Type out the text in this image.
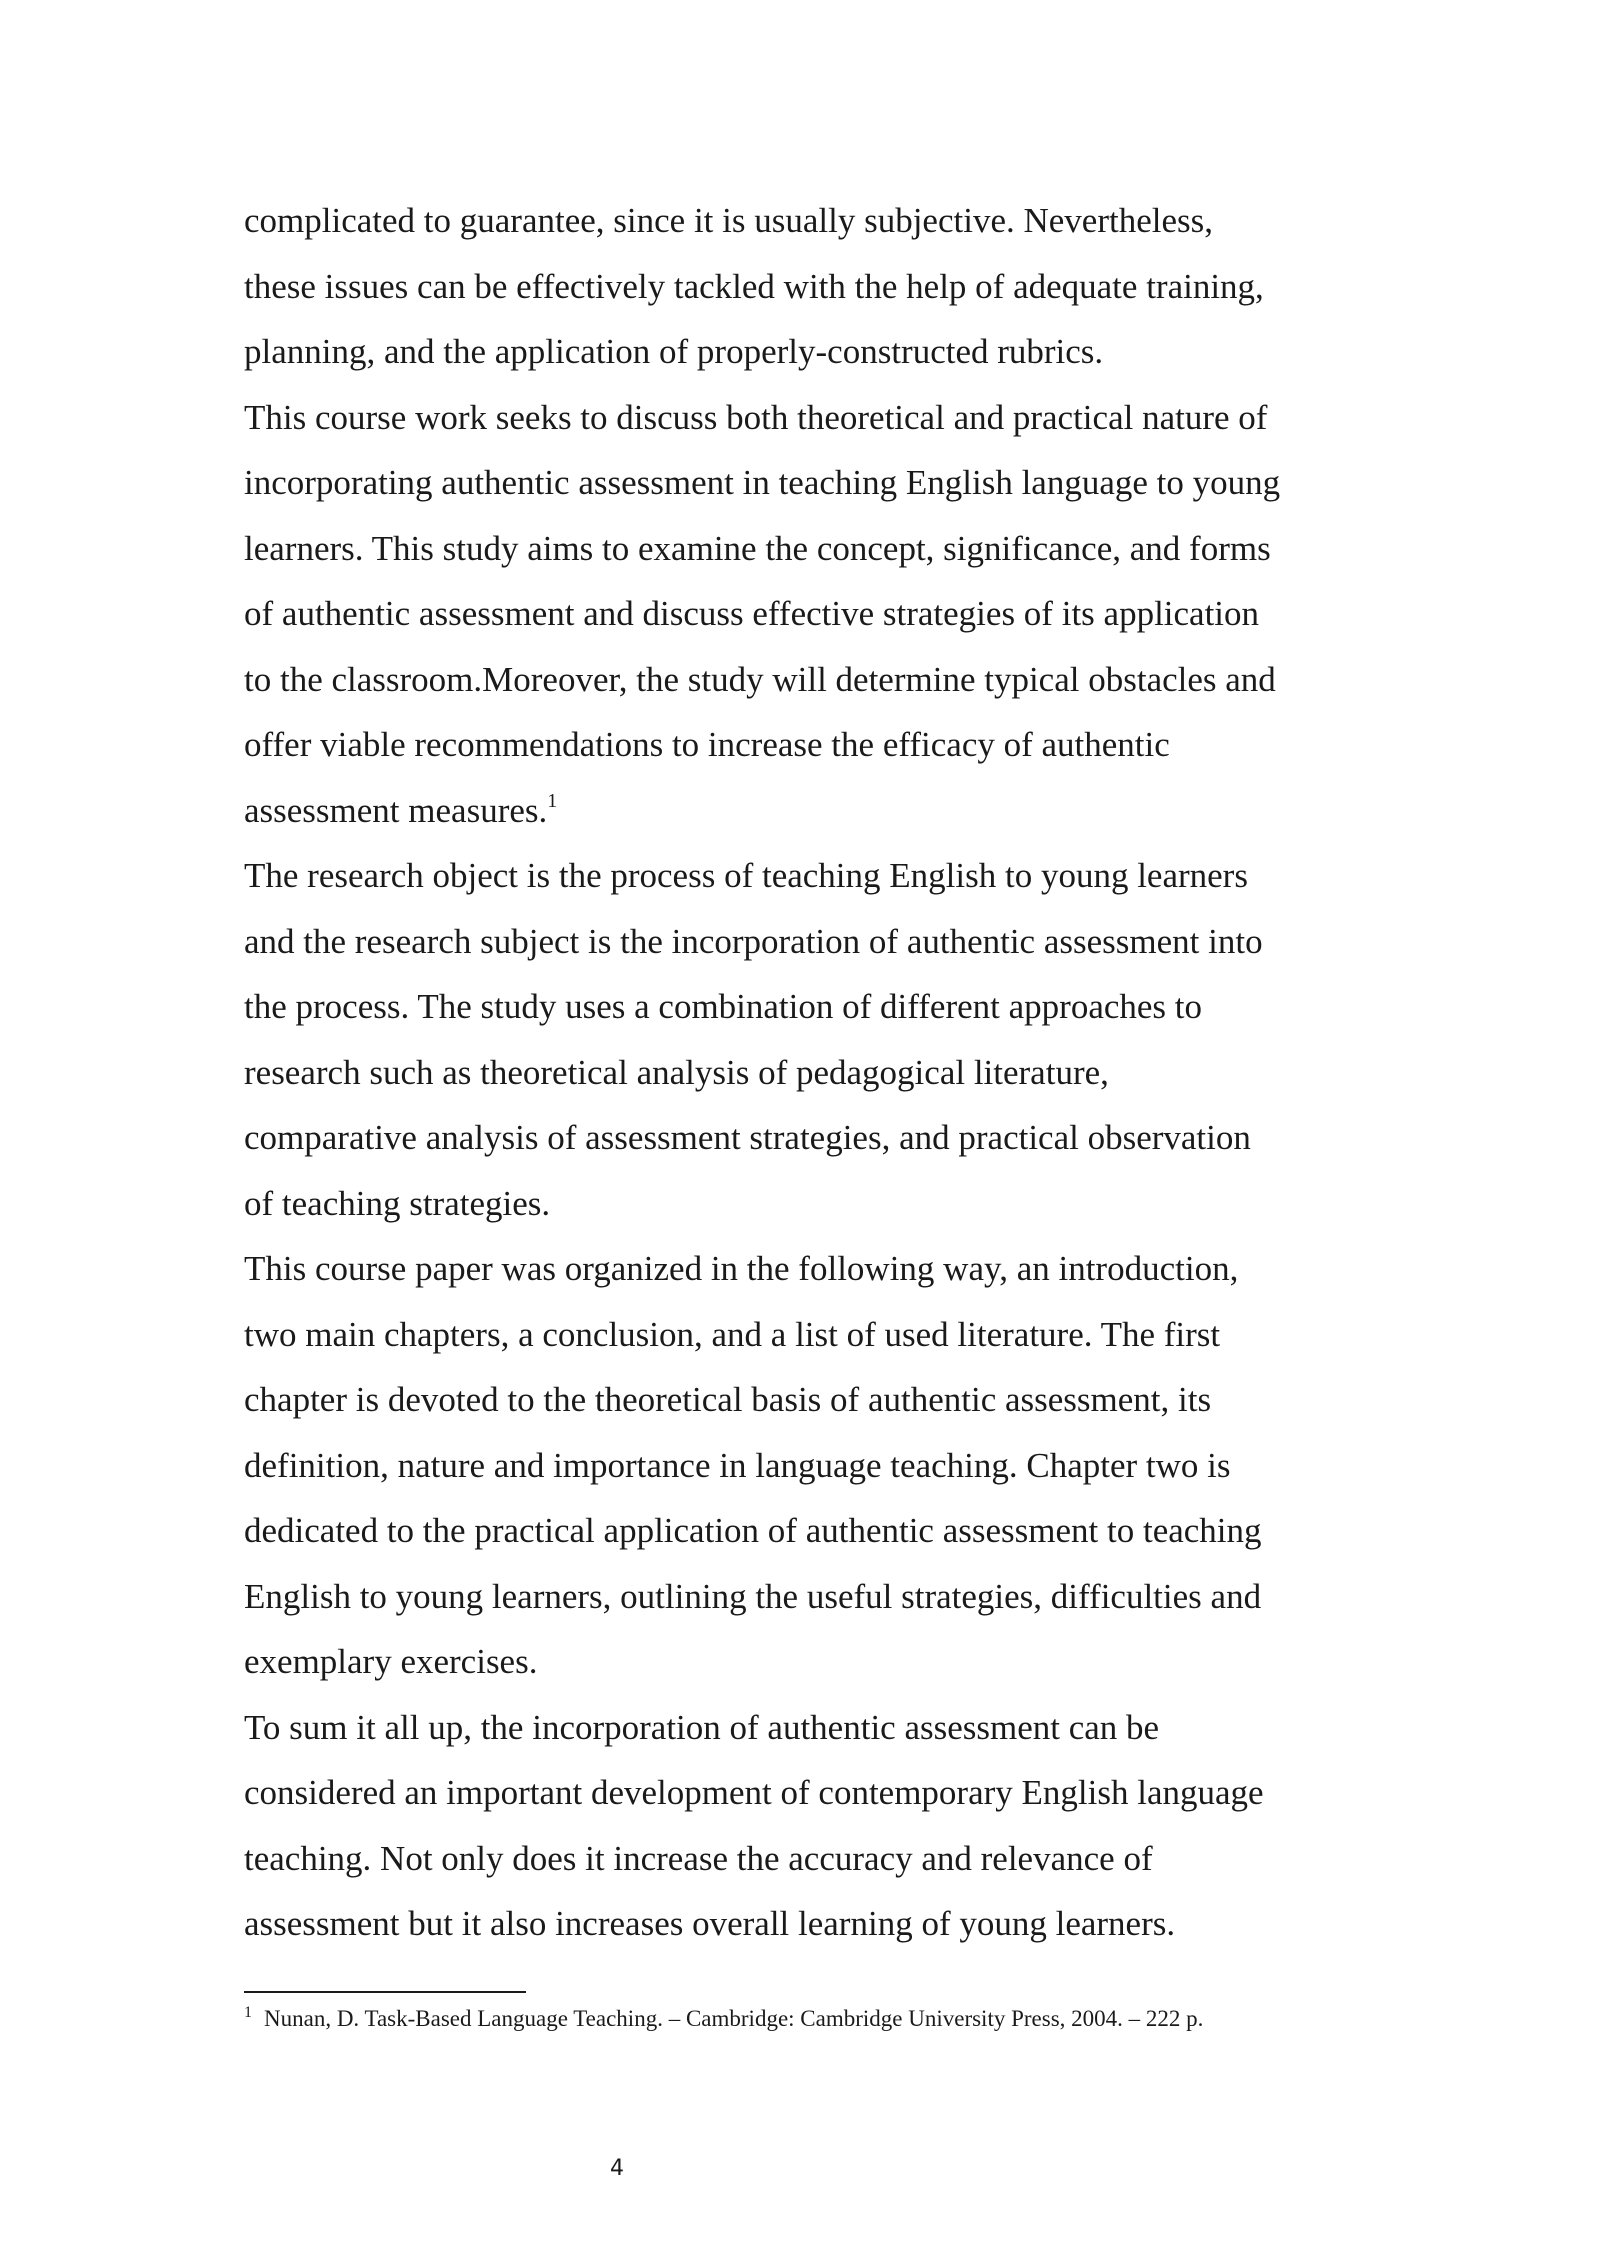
complicated to guarantee, since it is usually subjective. Nevertheless,
these issues can be effectively tackled with the help of adequate training,
planning, and the application of properly-constructed rubrics.
This course work seeks to discuss both theoretical and practical nature of
incorporating authentic assessment in teaching English language to young
learners. This study aims to examine the concept, significance, and forms
of authentic assessment and discuss effective strategies of its application
to the classroom.Moreover, the study will determine typical obstacles and
offer viable recommendations to increase the efficacy of authentic
assessment measures.$^1$
The research object is the process of teaching English to young learners
and the research subject is the incorporation of authentic assessment into
the process. The study uses a combination of different approaches to
research such as theoretical analysis of pedagogical literature,
comparative analysis of assessment strategies, and practical observation
of teaching strategies.
This course paper was organized in the following way, an introduction,
two main chapters, a conclusion, and a list of used literature. The first
chapter is devoted to the theoretical basis of authentic assessment, its
definition, nature and importance in language teaching. Chapter two is
dedicated to the practical application of authentic assessment to teaching
English to young learners, outlining the useful strategies, difficulties and
exemplary exercises.
To sum it all up, the incorporation of authentic assessment can be
considered an important development of contemporary English language
teaching. Not only does it increase the accuracy and relevance of
assessment but it also increases overall learning of young learners.
$^1$ Nunan, D. Task-Based Language Teaching. – Cambridge: Cambridge University Press, 2004. – 222 p.
4
